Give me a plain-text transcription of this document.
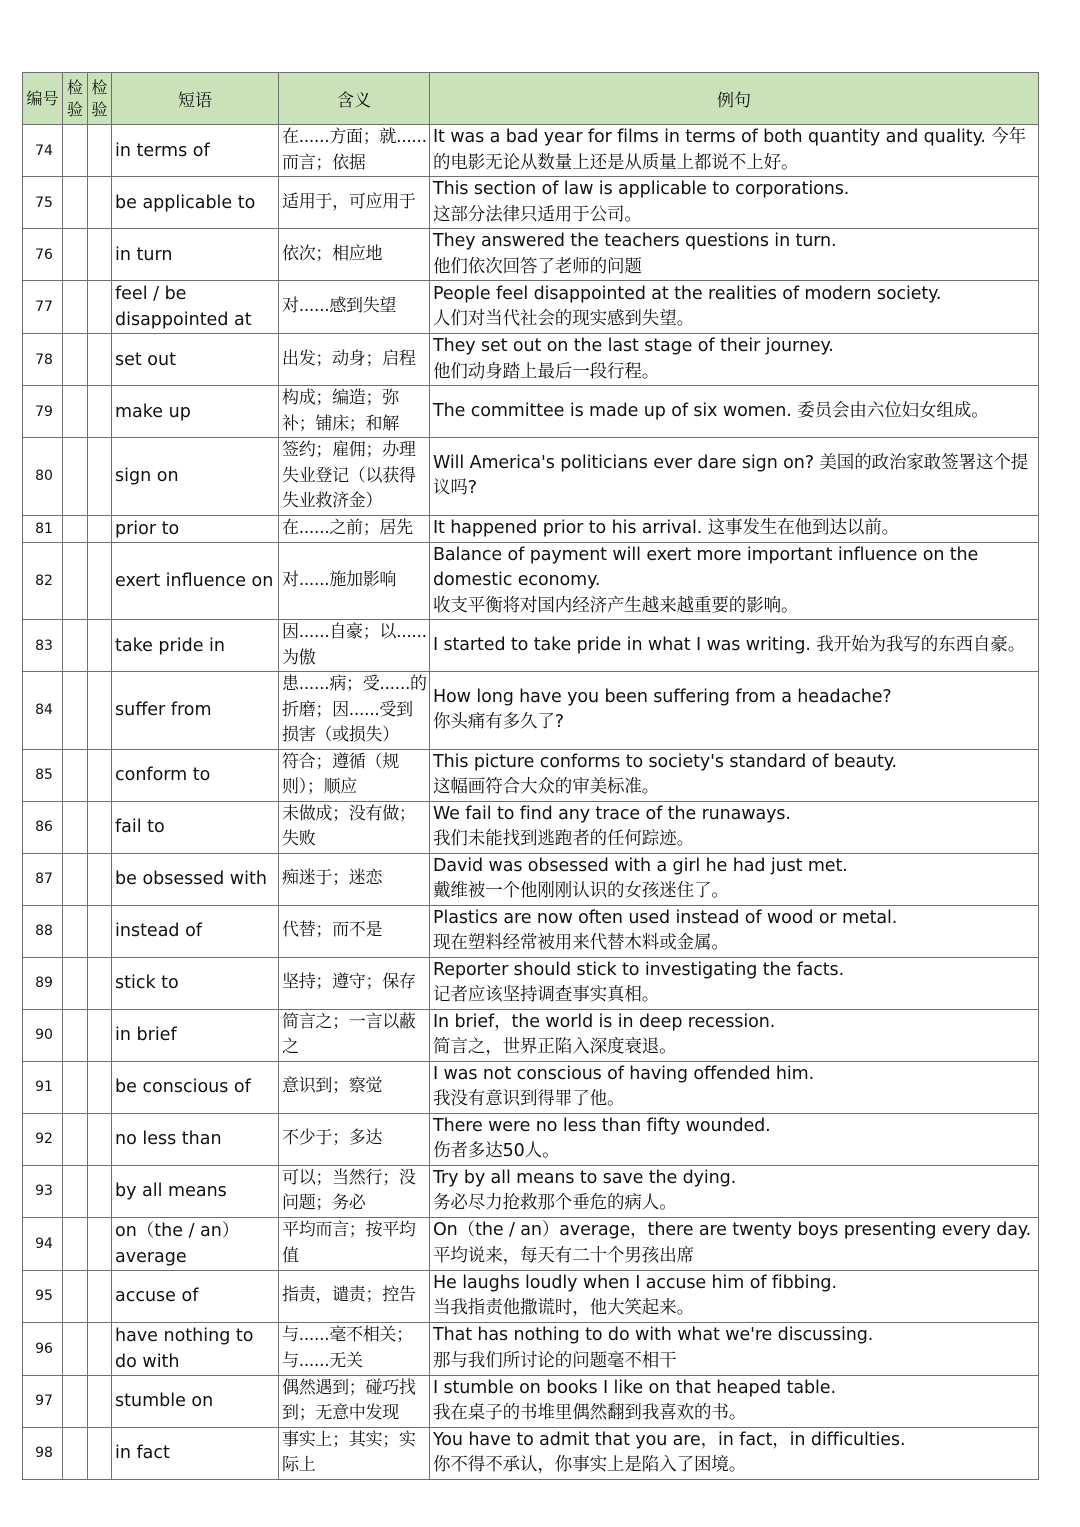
编号	检验	检验	短语	含义	例句
74			in terms of	在......方面；就......而言；依据	It was a bad year for films in terms of both quantity and quality. 今年的电影无论从数量上还是从质量上都说不上好。

75			be applicable to	适用于，可应用于	This section of law is applicable to corporations.
这部分法律只适用于公司。

76			in turn	依次；相应地	They answered the teachers questions in turn.
他们依次回答了老师的问题

77			feel / be disappointed at	对......感到失望	People feel disappointed at the realities of modern society.
人们对当代社会的现实感到失望。

78			set out	出发；动身；启程	They set out on the last stage of their journey.
他们动身踏上最后一段行程。

79			make up	构成；编造；弥补；铺床；和解	The committee is made up of six women. 委员会由六位妇女组成。

80			sign on	签约；雇佣；办理失业登记（以获得失业救济金）	Will America's politicians ever dare sign on? 美国的政治家敢签署这个提议吗?

81			prior to	在......之前；居先	It happened prior to his arrival. 这事发生在他到达以前。

82			exert influence on	对......施加影响	Balance of payment will exert more important influence on the domestic economy.
收支平衡将对国内经济产生越来越重要的影响。

83			take pride in	因......自豪；以......为傲	I started to take pride in what I was writing. 我开始为我写的东西自豪。

84			suffer from	患......病；受......的折磨；因......受到损害（或损失）	How long have you been suffering from a headache?
你头痛有多久了?

85			conform to	符合；遵循（规则）；顺应	This picture conforms to society's standard of beauty.
这幅画符合大众的审美标准。

86			fail to	未做成；没有做；失败	We fail to find any trace of the runaways.
我们未能找到逃跑者的任何踪迹。

87			be obsessed with	痴迷于；迷恋	David was obsessed with a girl he had just met.
戴维被一个他刚刚认识的女孩迷住了。

88			instead of	代替；而不是	Plastics are now often used instead of wood or metal.
现在塑料经常被用来代替木料或金属。

89			stick to	坚持；遵守；保存	Reporter should stick to investigating the facts.
记者应该坚持调查事实真相。

90			in brief	简言之；一言以蔽之	In brief，the world is in deep recession.
简言之，世界正陷入深度衰退。

91			be conscious of	意识到；察觉	I was not conscious of having offended him.
我没有意识到得罪了他。

92			no less than	不少于；多达	There were no less than fifty wounded.
伤者多达50人。

93			by all means	可以；当然行；没问题；务必	Try by all means to save the dying.
务必尽力抢救那个垂危的病人。

94			on（the / an）average	平均而言；按平均值	On（the / an）average，there are twenty boys presenting every day.
平均说来，每天有二十个男孩出席

95			accuse of	指责，谴责；控告	He laughs loudly when I accuse him of fibbing.
当我指责他撒谎时，他大笑起来。

96			have nothing to do with	与......毫不相关；与......无关	That has nothing to do with what we're discussing.
那与我们所讨论的问题毫不相干

97			stumble on	偶然遇到；碰巧找到；无意中发现	I stumble on books I like on that heaped table.
我在桌子的书堆里偶然翻到我喜欢的书。

98			in fact	事实上；其实；实际上	You have to admit that you are，in fact，in difficulties.
你不得不承认，你事实上是陷入了困境。
